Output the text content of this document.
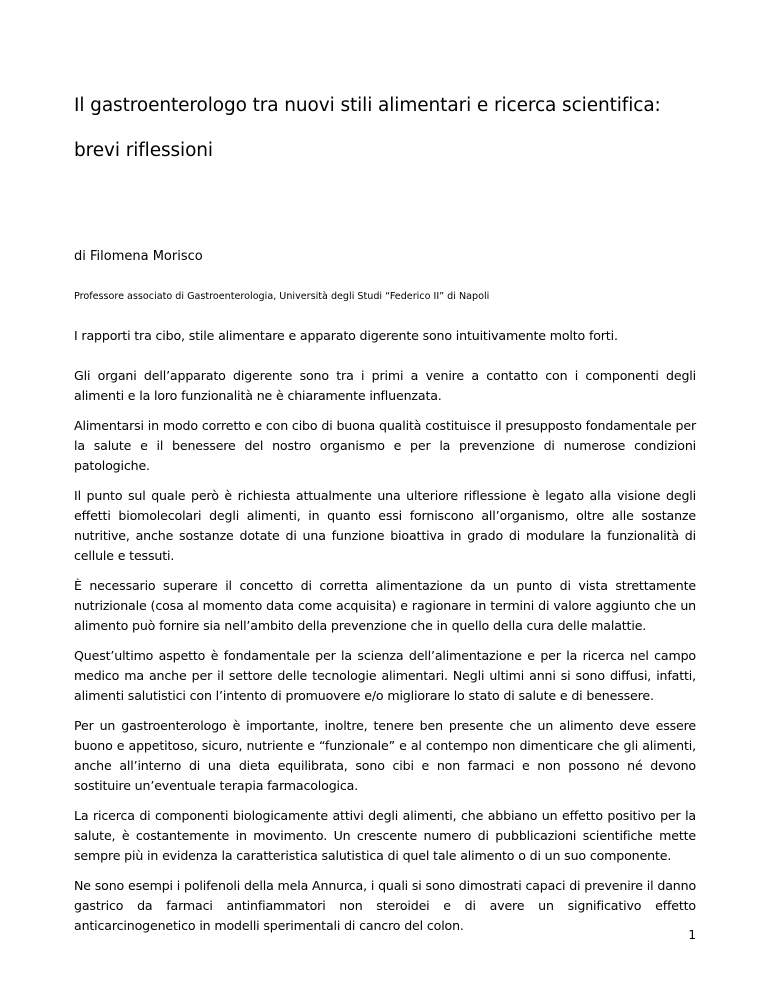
Il gastroenterologo tra nuovi stili alimentari e ricerca scientifica:
brevi riflessioni
di Filomena Morisco
Professore associato di Gastroenterologia, Università degli Studi “Federico II” di Napoli

I rapporti tra cibo, stile alimentare e apparato digerente sono intuitivamente molto forti.

Gli organi dell’apparato digerente sono tra i primi a venire a contatto con i componenti degli alimenti e la loro funzionalità ne è chiaramente influenzata.

Alimentarsi in modo corretto e con cibo di buona qualità costituisce il presupposto fondamentale per la salute e il benessere del nostro organismo e per la prevenzione di numerose condizioni patologiche.

Il punto sul quale però è richiesta attualmente una ulteriore riflessione è legato alla visione degli effetti biomolecolari degli alimenti, in quanto essi forniscono all’organismo, oltre alle sostanze nutritive, anche sostanze dotate di una funzione bioattiva in grado di modulare la funzionalità di cellule e tessuti.

È necessario superare il concetto di corretta alimentazione da un punto di vista strettamente nutrizionale (cosa al momento data come acquisita) e ragionare in termini di valore aggiunto che un alimento può fornire sia nell’ambito della prevenzione che in quello della cura delle malattie.

Quest’ultimo aspetto è fondamentale per la scienza dell’alimentazione e per la ricerca nel campo medico ma anche per il settore delle tecnologie alimentari. Negli ultimi anni si sono diffusi, infatti, alimenti salutistici con l’intento di promuovere e/o migliorare lo stato di salute e di benessere.

Per un gastroenterologo è importante, inoltre, tenere ben presente che un alimento deve essere buono e appetitoso, sicuro, nutriente e “funzionale” e al contempo non dimenticare che gli alimenti, anche all’interno di una dieta equilibrata, sono cibi e non farmaci e non possono né devono sostituire un’eventuale terapia farmacologica.

La ricerca di componenti biologicamente attivi degli alimenti, che abbiano un effetto positivo per la salute, è costantemente in movimento. Un crescente numero di pubblicazioni scientifiche mette sempre più in evidenza la caratteristica salutistica di quel tale alimento o di un suo componente.

Ne sono esempi i polifenoli della mela Annurca, i quali si sono dimostrati capaci di prevenire il danno gastrico da farmaci antinfiammatori non steroidei e di avere un significativo effetto anticarcinogenetico in modelli sperimentali di cancro del colon.

1
